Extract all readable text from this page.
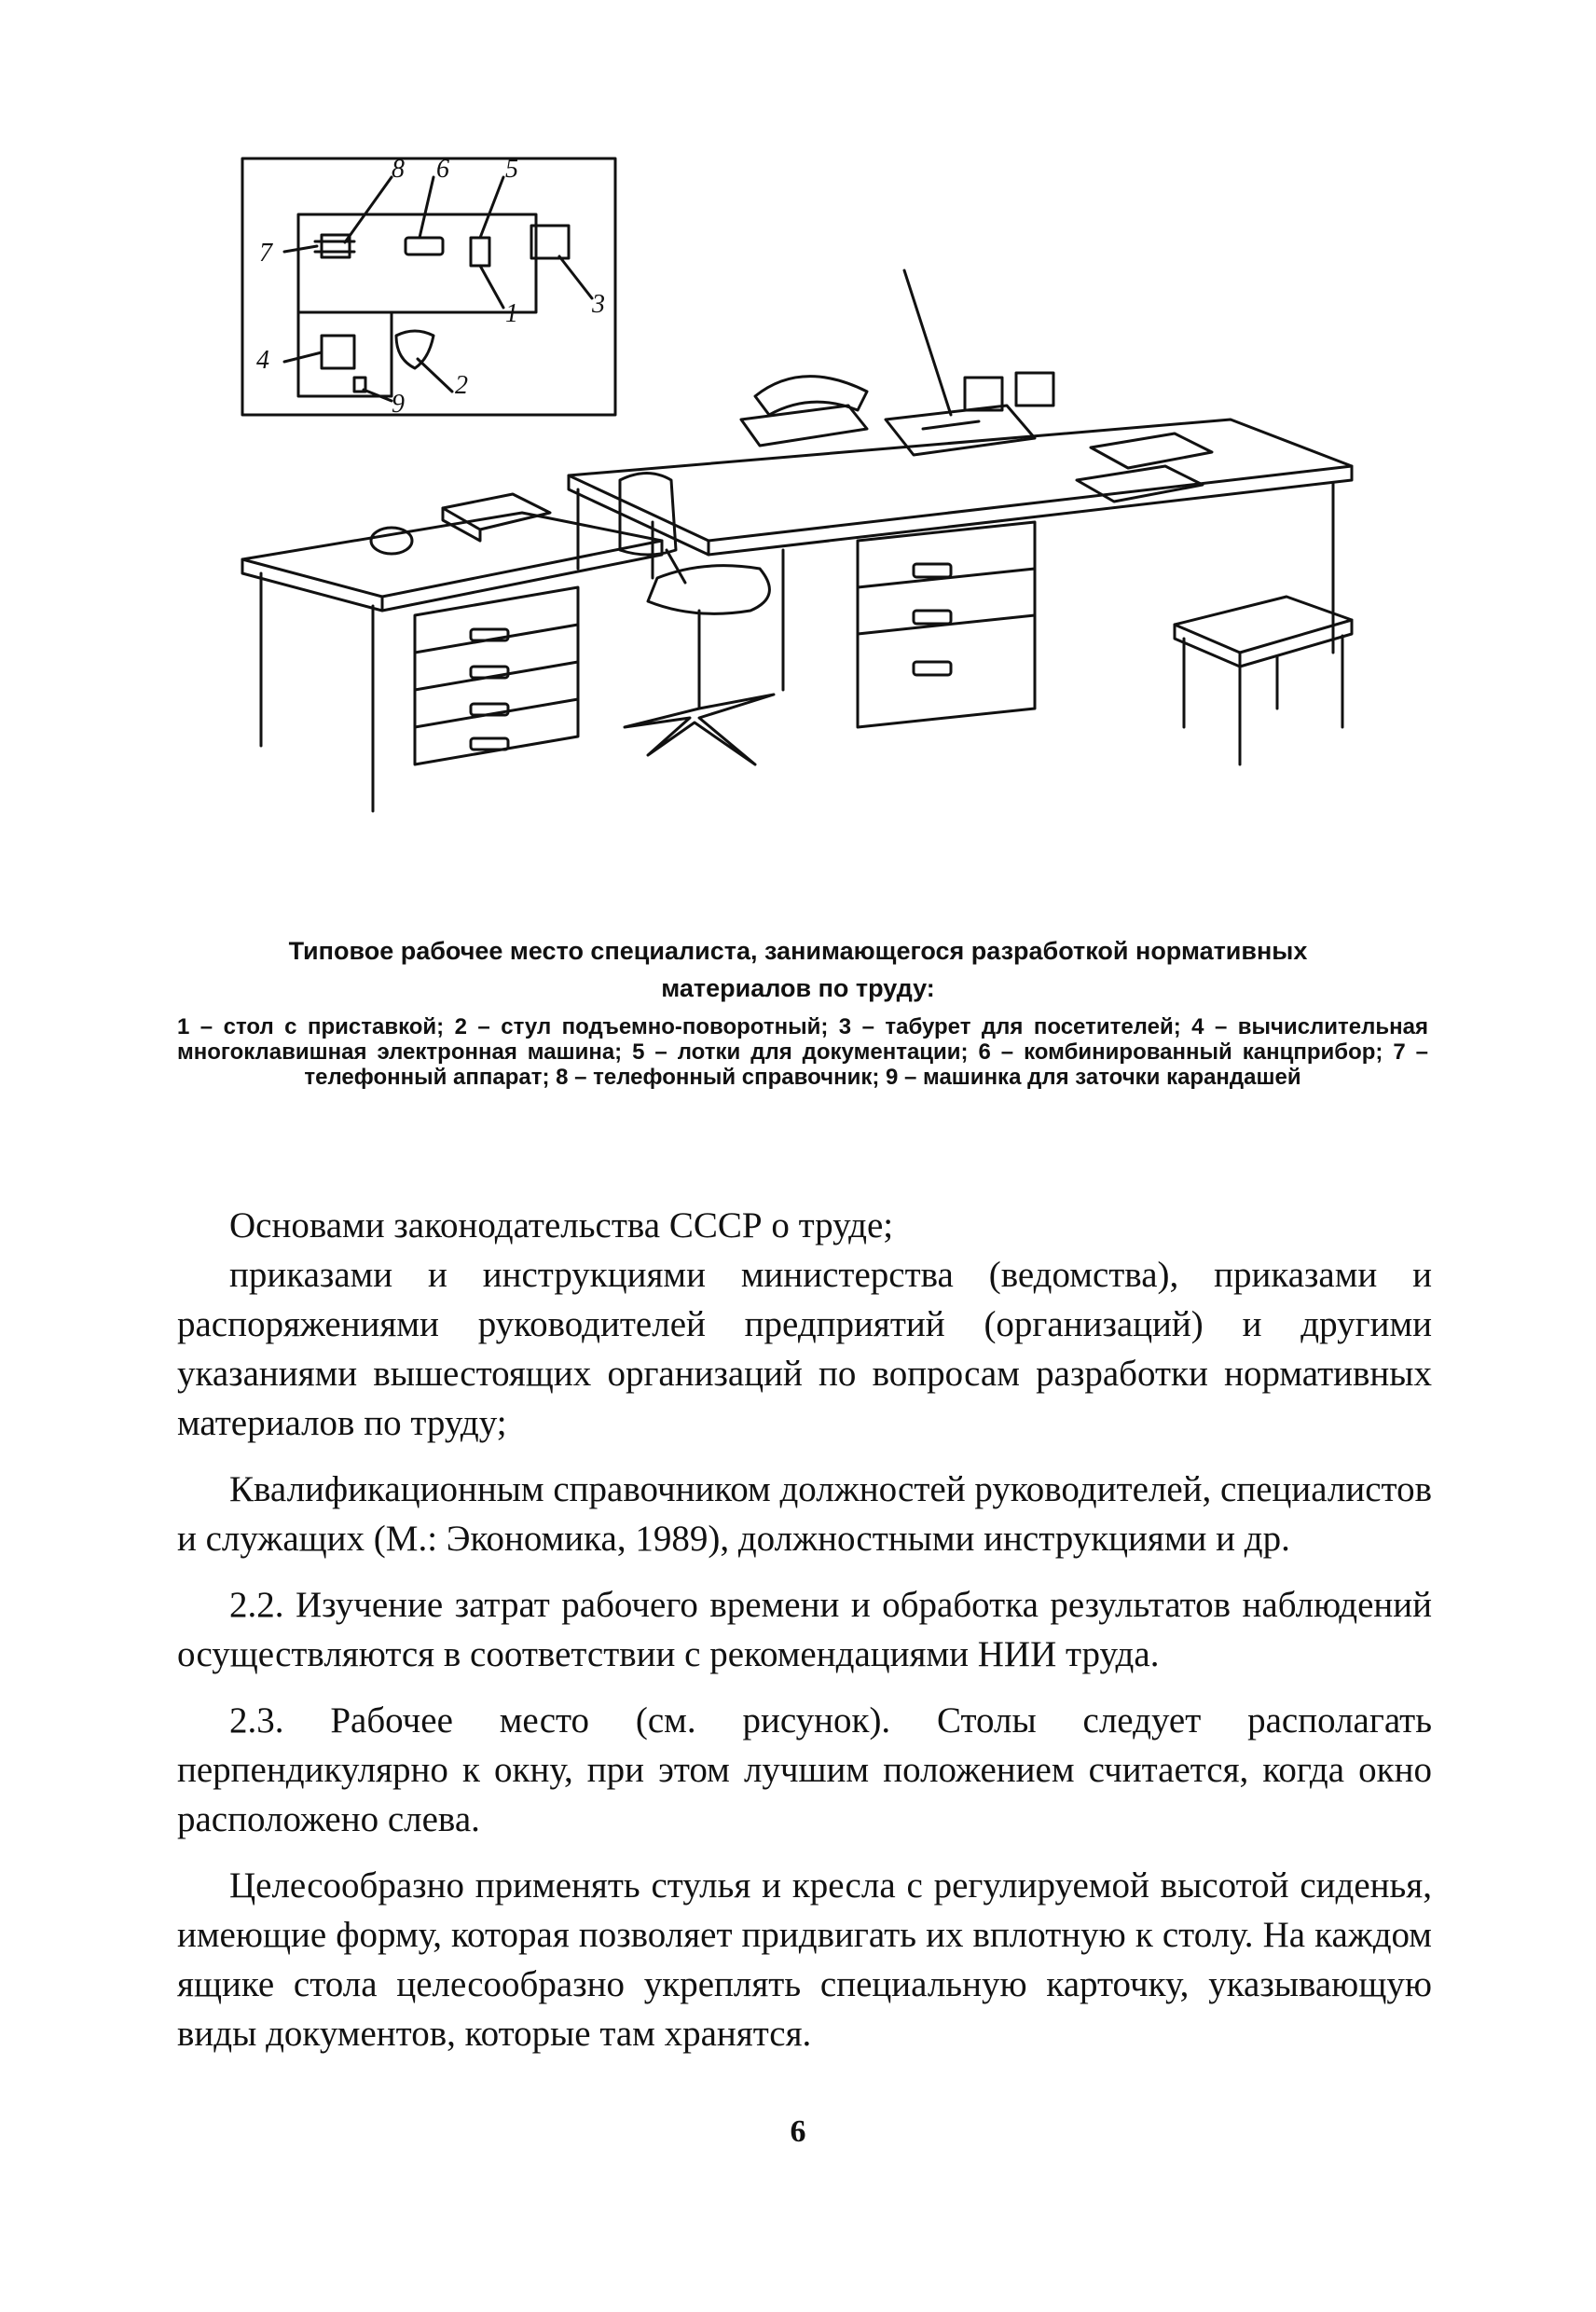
8 6 5
7
1	3
4
2
9
Типовое рабочее место специалиста, занимающегося разработкой нормативных
материалов по труду:
1 – стол с приставкой; 2 – стул подъемно-поворотный; 3 – табурет для посетителей; 4 – вычислительная многоклавишная электронная машина; 5 – лотки для документации; 6 – комбинированный канцприбор; 7 – телефонный аппарат; 8 – телефонный справочник; 9 – машинка для заточки карандашей

Основами законодательства СССР о труде;

приказами и инструкциями министерства (ведомства), приказами и распоряжениями руководителей предприятий (организаций) и другими указаниями вышестоящих организаций по вопросам разработки нормативных материалов по труду;

Квалификационным справочником должностей руководителей, специалистов и служащих (М.: Экономика, 1989), должностными инструкциями и др.

2.2. Изучение затрат рабочего времени и обработка результатов наблюдений осуществляются в соответствии с рекомендациями НИИ труда.

2.3. Рабочее место (см. рисунок). Столы следует располагать перпендикулярно к окну, при этом лучшим положением считается, когда окно расположено слева.

Целесообразно применять стулья и кресла с регулируемой высотой сиденья, имеющие форму, которая позволяет придвигать их вплотную к столу. На каждом ящике стола целесообразно укреплять специальную карточку, указывающую виды документов, которые там хранятся.

6
